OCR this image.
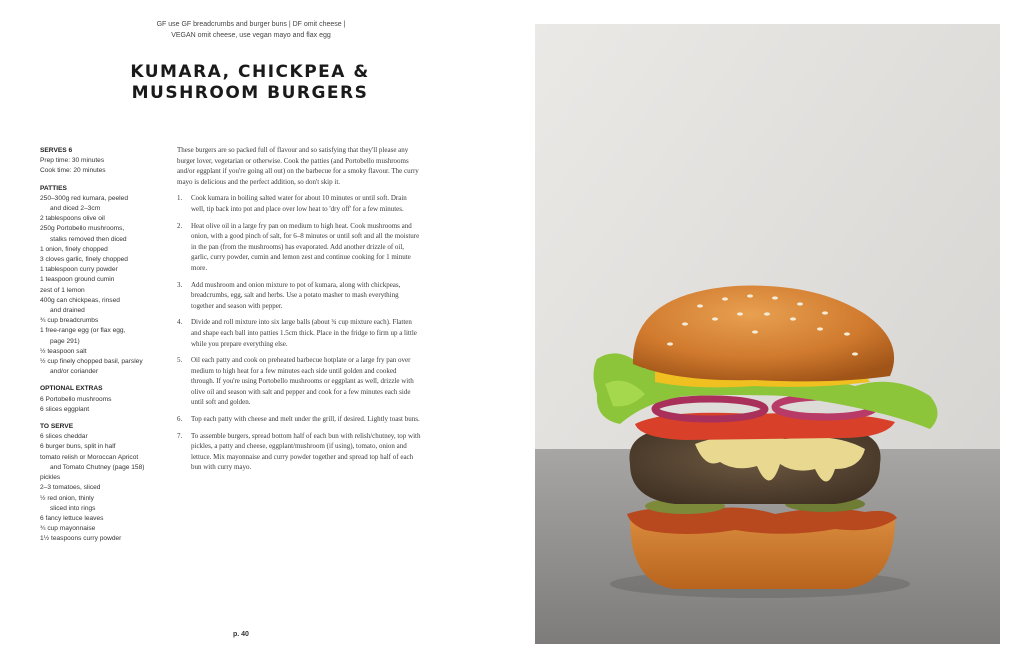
GF use GF breadcrumbs and burger buns | DF omit cheese |
VEGAN omit cheese, use vegan mayo and flax egg
KUMARA, CHICKPEA &
MUSHROOM BURGERS
SERVES 6
Prep time: 30 minutes
Cook time: 20 minutes
PATTIES
250–300g red kumara, peeled
and diced 2–3cm
2 tablespoons olive oil
250g Portobello mushrooms,
stalks removed then diced
1 onion, finely chopped
3 cloves garlic, finely chopped
1 tablespoon curry powder
1 teaspoon ground cumin
zest of 1 lemon
400g can chickpeas, rinsed
and drained
¾ cup breadcrumbs
1 free-range egg (or flax egg,
page 291)
½ teaspoon salt
½ cup finely chopped basil, parsley
and/or coriander
OPTIONAL EXTRAS
6 Portobello mushrooms
6 slices eggplant
TO SERVE
6 slices cheddar
6 burger buns, split in half
tomato relish or Moroccan Apricot
and Tomato Chutney (page 158)
pickles
2–3 tomatoes, sliced
½ red onion, thinly
sliced into rings
6 fancy lettuce leaves
¾ cup mayonnaise
1½ teaspoons curry powder

These burgers are so packed full of flavour and so satisfying that they'll please any burger lover, vegetarian or otherwise. Cook the patties (and Portobello mushrooms and/or eggplant if you're going all out) on the barbecue for a smoky flavour. The curry mayo is delicious and the perfect addition, so don't skip it.

1. Cook kumara in boiling salted water for about 10 minutes or until soft. Drain well, tip back into pot and place over low heat to 'dry off' for a few minutes.
2. Heat olive oil in a large fry pan on medium to high heat. Cook mushrooms and onion, with a good pinch of salt, for 6–8 minutes or until soft and all the moisture in the pan (from the mushrooms) has evaporated. Add another drizzle of oil, garlic, curry powder, cumin and lemon zest and continue cooking for 1 minute more.
3. Add mushroom and onion mixture to pot of kumara, along with chickpeas, breadcrumbs, egg, salt and herbs. Use a potato masher to mash everything together and season with pepper.
4. Divide and roll mixture into six large balls (about ¾ cup mixture each). Flatten and shape each ball into patties 1.5cm thick. Place in the fridge to firm up a little while you prepare everything else.
5. Oil each patty and cook on preheated barbecue hotplate or a large fry pan over medium to high heat for a few minutes each side until golden and cooked through. If you're using Portobello mushrooms or eggplant as well, drizzle with olive oil and season with salt and pepper and cook for a few minutes each side until soft and golden.
6. Top each patty with cheese and melt under the grill, if desired. Lightly toast buns.
7. To assemble burgers, spread bottom half of each bun with relish/chutney, top with pickles, a patty and cheese, eggplant/mushroom (if using), tomato, onion and lettuce. Mix mayonnaise and curry powder together and spread top half of each bun with curry mayo.
p. 40
